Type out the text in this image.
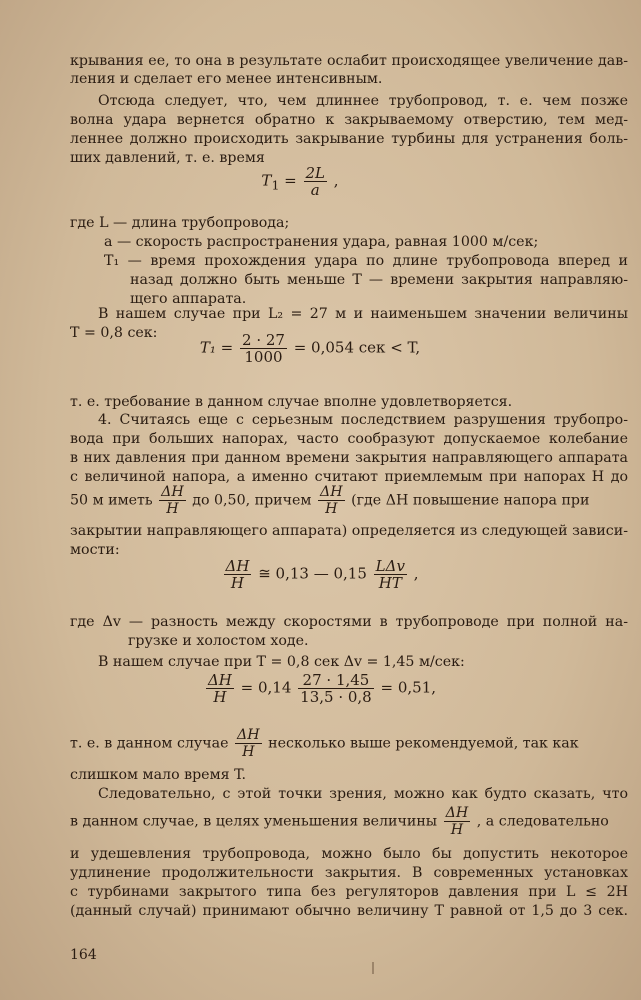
крывания ее, то она в результате ослабит происходящее увеличение дав-
ления и сделает его менее интенсивным.
Отсюда следует, что, чем длиннее трубопровод, т. е. чем позже
волна удара вернется обратно к закрываемому отверстию, тем мед-
леннее должно происходить закрывание турбины для устранения боль-
ших давлений, т. е. время
$T_1 = \frac{2L}{a}$ ,
где L — длина трубопровода;
a — скорость распространения удара, равная 1000 м/сек;
T₁ — время прохождения удара по длине трубопровода вперед и
назад должно быть меньше T — времени закрытия направляю-
щего аппарата.
В нашем случае при L₂ = 27 м и наименьшем значении величины
T = 0,8 сек:
$T_1 = \frac{2 \cdot 27}{1000} = 0,054$ сек < T,
т. е. требование в данном случае вполне удовлетворяется.
4. Считаясь еще с серьезным последствием разрушения трубопро-
вода при больших напорах, часто сообразуют допускаемое колебание
в них давления при данном времени закрытия направляющего аппарата
с величиной напора, а именно считают приемлемым при напорах H до
50 м иметь $\frac{\Delta H}{H}$ до 0,50, причем $\frac{\Delta H}{H} (где$ ΔH повышение напора при
закрытии направляющего аппарата) определяется из следующей зависи-
мости:
$\frac{\Delta H}{H}$ ≅ 0,13 — $0,15 \frac{\text{LΔv}}{HT}$ ,
где Δv — разность между скоростями в трубопроводе при полной на-
грузке и холостом ходе.
В нашем случае при T = 0,8 сек Δv = 1,45 м/сек:
$\frac{\Delta H}{H} = 0,14 \frac{27 \cdot 1,45}{13,5 \cdot 0,8} = 0,51$,
т. е. в данном случае $\frac{\Delta H}{H}$ несколько выше рекомендуемой, так как
слишком мало время T.
Следовательно, с этой точки зрения, можно как будто сказать, что
в данном случае, в целях уменьшения величины $\frac{\Delta H}{H}$ , а следовательно
и удешевления трубопровода, можно было бы допустить некоторое
удлинение продолжительности закрытия. В современных установках
с турбинами закрытого типа без регуляторов давления при L ≤ 2H
(данный случай) принимают обычно величину T равной от 1,5 до 3 сек.
164
